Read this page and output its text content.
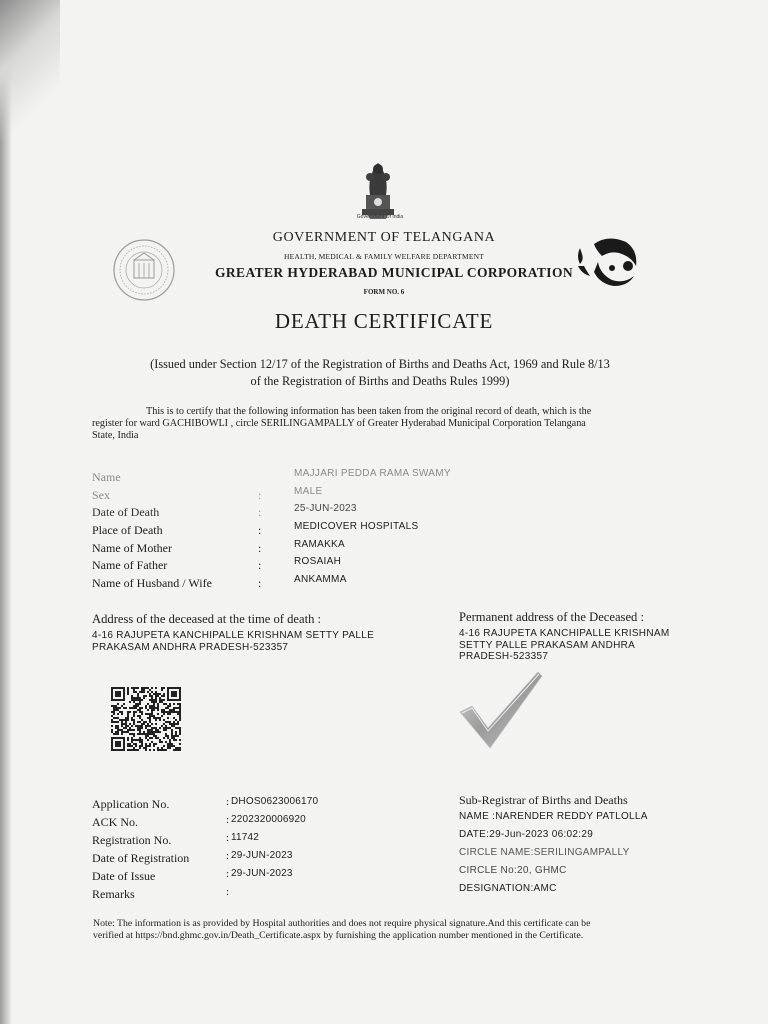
Government Of India
GOVERNMENT OF TELANGANA
HEALTH, MEDICAL & FAMILY WELFARE DEPARTMENT
GREATER HYDERABAD MUNICIPAL CORPORATION
FORM NO. 6
DEATH CERTIFICATE
(Issued under Section 12/17 of the Registration of Births and Deaths Act, 1969 and Rule 8/13
of the Registration of Births and Deaths Rules 1999)
This is to certify that the following information has been taken from the original record of death, which is the
register for ward GACHIBOWLI , circle SERILINGAMPALLY of Greater Hyderabad Municipal Corporation Telangana
State, India
Name	MAJJARI PEDDA RAMA SWAMY
Sex	:	MALE
Date of Death	:	25-JUN-2023
Place of Death	:	MEDICOVER HOSPITALS
Name of Mother	:	RAMAKKA
Name of Father	:	ROSAIAH
Name of Husband / Wife	:	ANKAMMA
Address of the deceased at the time of death :
4-16 RAJUPETA KANCHIPALLE KRISHNAM SETTY PALLE
PRAKASAM ANDHRA PRADESH-523357
Permanent address of the Deceased :
4-16 RAJUPETA KANCHIPALLE KRISHNAM
SETTY PALLE PRAKASAM ANDHRA
PRADESH-523357
Application No.	: DHOS0623006170
ACK No.	: 2202320006920
Registration No.	: 11742
Date of Registration	: 29-JUN-2023
Date of Issue	: 29-JUN-2023
Remarks	:
Sub-Registrar of Births and Deaths
NAME :NARENDER REDDY PATLOLLA
DATE:29-Jun-2023 06:02:29
CIRCLE NAME:SERILINGAMPALLY
CIRCLE No:20, GHMC
DESIGNATION:AMC
Note: The information is as provided by Hospital authorities and does not require physical signature.And this certificate can be
verified at https://bnd.ghmc.gov.in/Death_Certificate.aspx by furnishing the application number mentioned in the Certificate.
